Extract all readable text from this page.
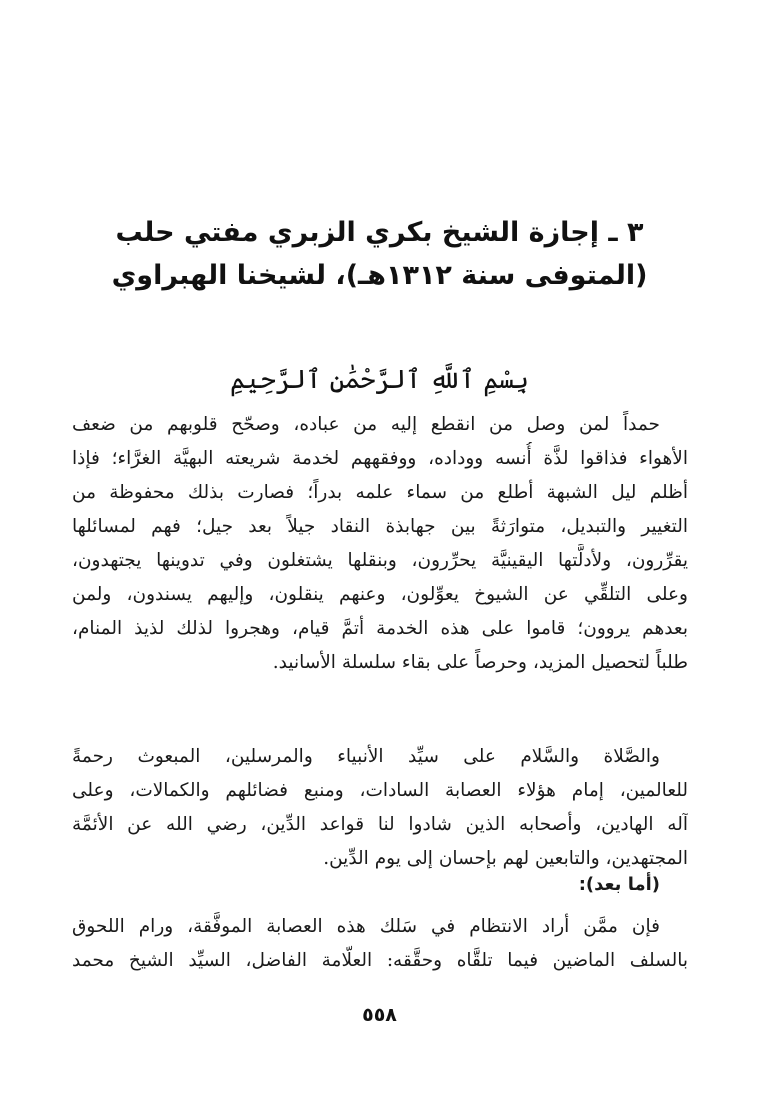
٣ ـ إجازة الشيخ بكري الزبري مفتي حلب
(المتوفى سنة ١٣١٢هـ)، لشيخنا الهبراوي
بِسْمِ ٱللَّهِ ٱلرَّحْمَٰنِ ٱلرَّحِيمِ
حمداً لمن وصل من انقطع إليه من عباده، وصحّح قلوبهم من ضعف
الأهواء فذاقوا لذَّة أُنسه ووداده، ووفقههم لخدمة شريعته البهيَّة الغرَّاء؛ فإذا
أظلم ليل الشبهة أطلع من سماء علمه بدراً؛ فصارت بذلك محفوظة من
التغيير والتبديل، متوارَثةً بين جهابذة النقاد جيلاً بعد جيل؛ فهم لمسائلها
يقرِّرون، ولأدلَّتها اليقينيَّة يحرِّرون، وبنقلها يشتغلون وفي تدوينها يجتهدون،
وعلى التلقِّي عن الشيوخ يعوِّلون، وعنهم ينقلون، وإليهم يسندون، ولمن
بعدهم يروون؛ قاموا على هذه الخدمة أتمَّ قيام، وهجروا لذلك لذيذ المنام،
طلباً لتحصيل المزيد، وحرصاً على بقاء سلسلة الأسانيد.
والصَّلاة والسَّلام على سيِّد الأنبياء والمرسلين، المبعوث رحمةً
للعالمين، إمام هؤلاء العصابة السادات، ومنبع فضائلهم والكمالات، وعلى
آله الهادين، وأصحابه الذين شادوا لنا قواعد الدِّين، رضي الله عن الأئمَّة
المجتهدين، والتابعين لهم بإحسان إلى يوم الدِّين.
(أما بعد):
فإن ممَّن أراد الانتظام في سَلك هذه العصابة الموفَّقة، ورام اللحوق
بالسلف الماضين فيما تلقَّاه وحقَّقه: العلّامة الفاضل، السيِّد الشيخ محمد
٥٥٨
